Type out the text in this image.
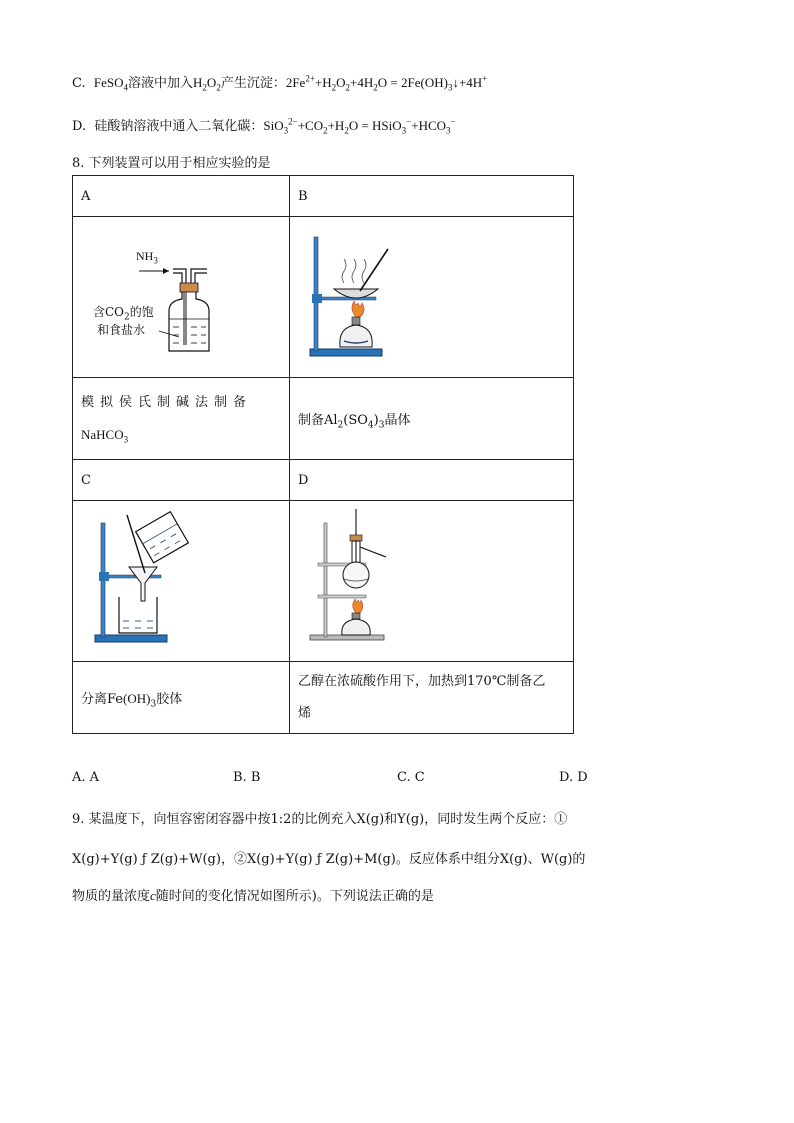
C. FeSO$_4$溶液中加入$H_2O_2$产生沉淀：$2Fe^{2+}+H_2O_2+4H_2O$ = $2Fe(OH)_3↓+4H^+$
D. 硅酸钠溶液中通入二氧化碳：$SiO_3^{2-}+CO_2+H_2O$ = $HSiO_3^-+HCO_3^-$
8. 下列装置可以用于相应实验的是
A	B

$NH_3$
含$CO_2$的饱
和食盐水

模拟侯氏制碱法制备
NaHCO$_3$	制备$Al_2(SO_4)_3$晶体
C	D

分离$Fe(OH)_3$胶体	乙醇在浓硫酸作用下，加热到170℃制备乙
烯
A. A	B. B	C. C	D. D
9. 某温度下，向恒容密闭容器中按1:2的比例充入X(g)和Y(g)，同时发生两个反应：①
X(g)+Y(g) ƒ Z(g)+W(g)，②X(g)+Y(g) ƒ Z(g)+M(g)。反应体系中组分X(g)、W(g)的
物质的量浓度c随时间的变化情况如图所示)。下列说法正确的是
